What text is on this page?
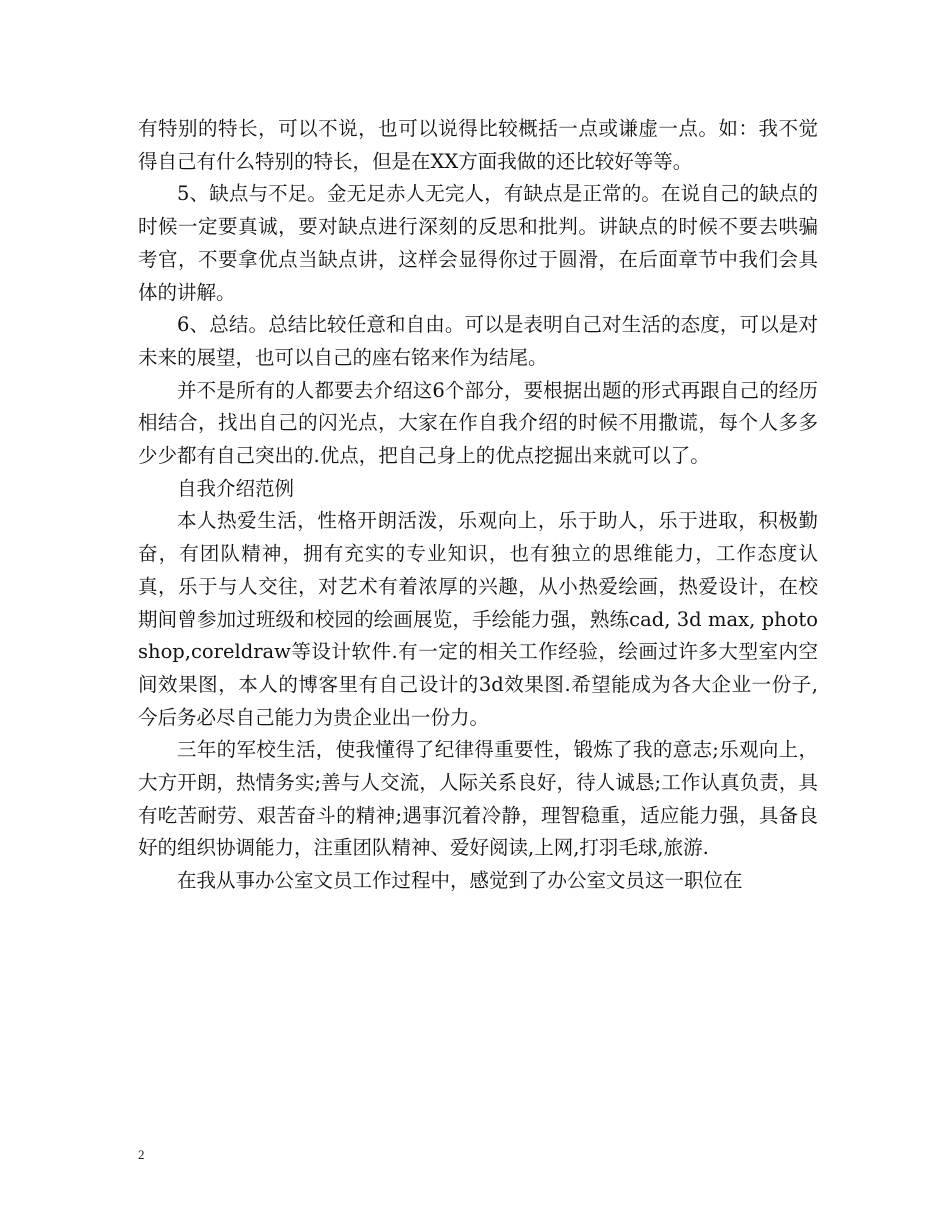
有特别的特长，可以不说，也可以说得比较概括一点或谦虚一点。如：我不觉得自己有什么特别的特长，但是在XX方面我做的还比较好等等。

5、缺点与不足。金无足赤人无完人，有缺点是正常的。在说自己的缺点的时候一定要真诚，要对缺点进行深刻的反思和批判。讲缺点的时候不要去哄骗考官，不要拿优点当缺点讲，这样会显得你过于圆滑，在后面章节中我们会具体的讲解。

6、总结。总结比较任意和自由。可以是表明自己对生活的态度，可以是对未来的展望，也可以自己的座右铭来作为结尾。

并不是所有的人都要去介绍这6个部分，要根据出题的形式再跟自己的经历相结合，找出自己的闪光点，大家在作自我介绍的时候不用撒谎，每个人多多少少都有自己突出的.优点，把自己身上的优点挖掘出来就可以了。

自我介绍范例

本人热爱生活，性格开朗活泼，乐观向上，乐于助人，乐于进取，积极勤奋，有团队精神，拥有充实的专业知识，也有独立的思维能力，工作态度认真，乐于与人交往，对艺术有着浓厚的兴趣，从小热爱绘画，热爱设计，在校期间曾参加过班级和校园的绘画展览，手绘能力强，熟练cad, 3d max, photoshop,coreldraw等设计软件.有一定的相关工作经验，绘画过许多大型室内空间效果图，本人的博客里有自己设计的3d效果图.希望能成为各大企业一份子,今后务必尽自己能力为贵企业出一份力。

三年的军校生活，使我懂得了纪律得重要性，锻炼了我的意志;乐观向上，大方开朗，热情务实;善与人交流，人际关系良好，待人诚恳;工作认真负责，具有吃苦耐劳、艰苦奋斗的精神;遇事沉着冷静，理智稳重，适应能力强，具备良好的组织协调能力，注重团队精神、爱好阅读,上网,打羽毛球,旅游.

在我从事办公室文员工作过程中，感觉到了办公室文员这一职位在

2
